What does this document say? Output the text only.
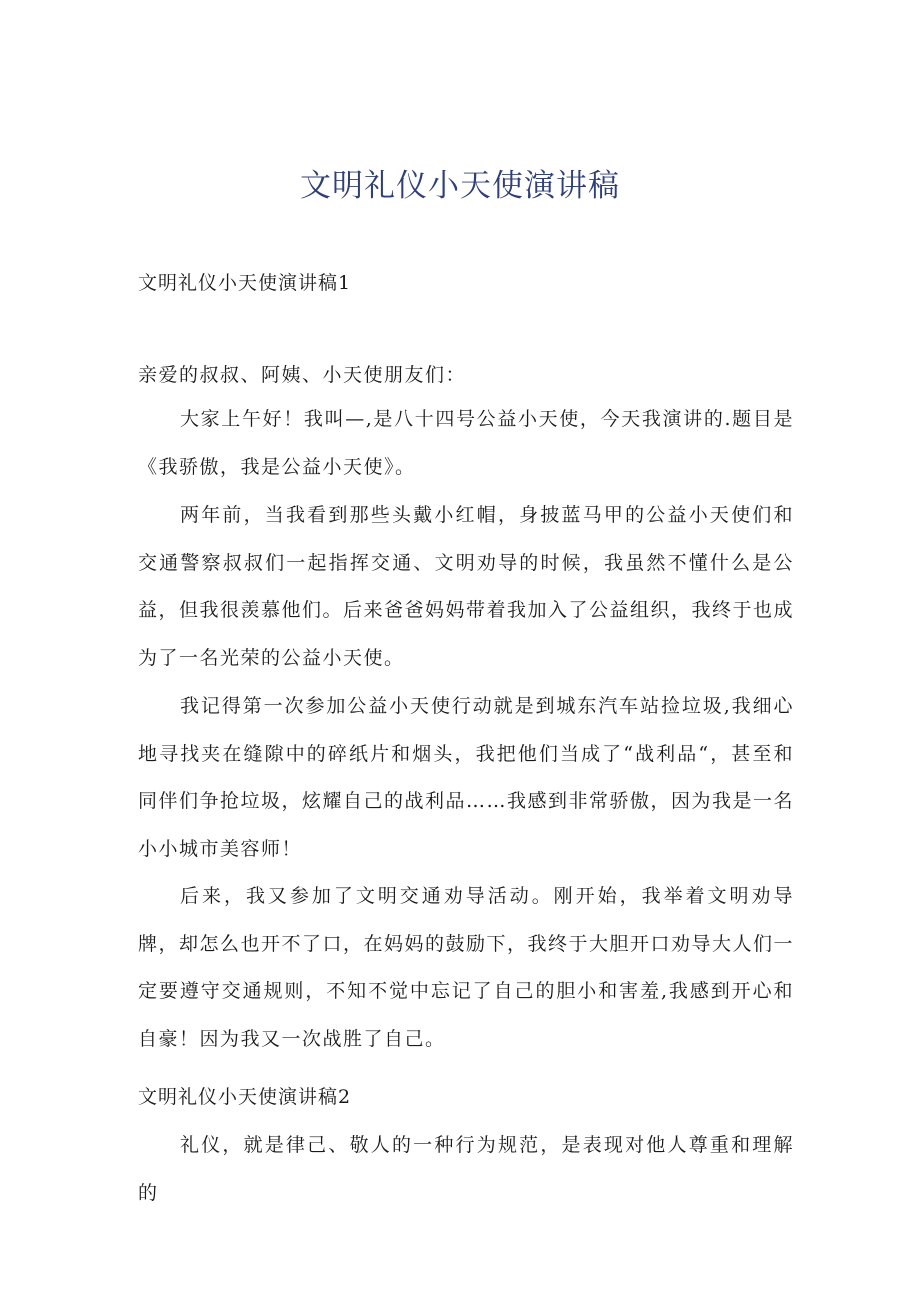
文明礼仪小天使演讲稿
文明礼仪小天使演讲稿1

亲爱的叔叔、阿姨、小天使朋友们：

大家上午好！我叫—,是八十四号公益小天使，今天我演讲的.题目是《我骄傲，我是公益小天使》。

两年前，当我看到那些头戴小红帽，身披蓝马甲的公益小天使们和交通警察叔叔们一起指挥交通、文明劝导的时候，我虽然不懂什么是公益，但我很羡慕他们。后来爸爸妈妈带着我加入了公益组织，我终于也成为了一名光荣的公益小天使。

我记得第一次参加公益小天使行动就是到城东汽车站捡垃圾,我细心地寻找夹在缝隙中的碎纸片和烟头，我把他们当成了“战利品“，甚至和同伴们争抢垃圾，炫耀自己的战利品……我感到非常骄傲，因为我是一名小小城市美容师！

后来，我又参加了文明交通劝导活动。刚开始，我举着文明劝导牌，却怎么也开不了口，在妈妈的鼓励下，我终于大胆开口劝导大人们一定要遵守交通规则，不知不觉中忘记了自己的胆小和害羞,我感到开心和自豪！因为我又一次战胜了自己。

文明礼仪小天使演讲稿2

礼仪，就是律己、敬人的一种行为规范，是表现对他人尊重和理解的
